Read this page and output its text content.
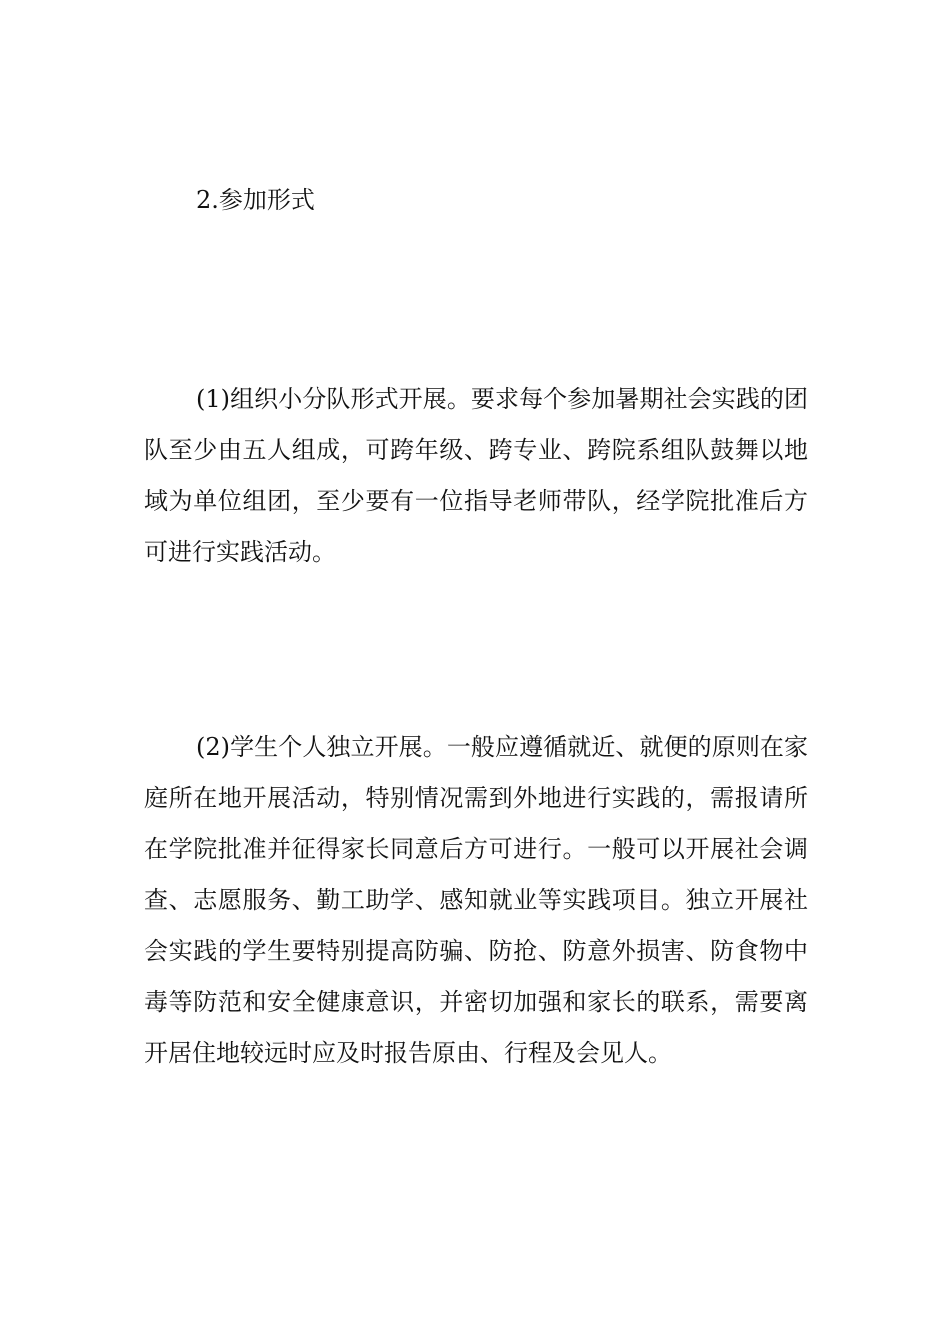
2.参加形式

(1)组织小分队形式开展。要求每个参加暑期社会实践的团队至少由五人组成，可跨年级、跨专业、跨院系组队鼓舞以地域为单位组团，至少要有一位指导老师带队，经学院批准后方可进行实践活动。

(2)学生个人独立开展。一般应遵循就近、就便的原则在家庭所在地开展活动，特别情况需到外地进行实践的，需报请所在学院批准并征得家长同意后方可进行。一般可以开展社会调查、志愿服务、勤工助学、感知就业等实践项目。独立开展社会实践的学生要特别提高防骗、防抢、防意外损害、防食物中毒等防范和安全健康意识，并密切加强和家长的联系，需要离开居住地较远时应及时报告原由、行程及会见人。
